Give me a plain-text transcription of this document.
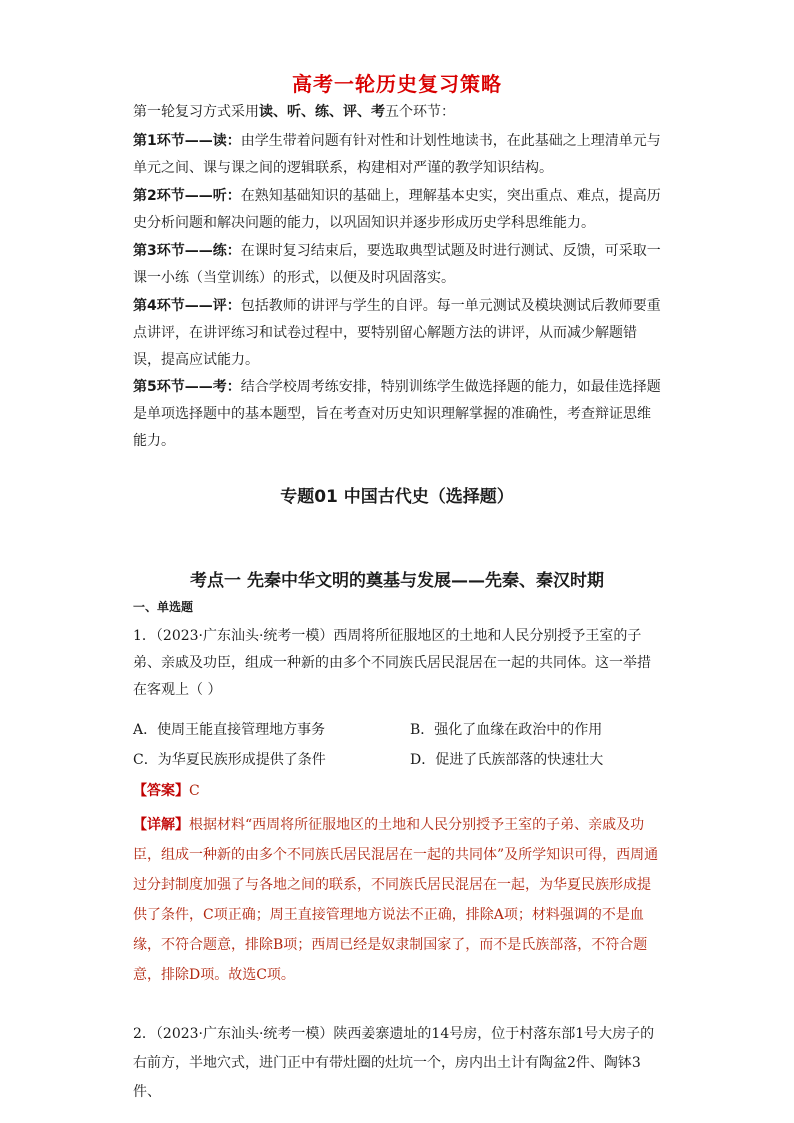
高考一轮历史复习策略
第一轮复习方式采用读、听、练、评、考五个环节：
第1环节——读：由学生带着问题有针对性和计划性地读书，在此基础之上理清单元与单元之间、课与课之间的逻辑联系，构建相对严谨的教学知识结构。
第2环节——听：在熟知基础知识的基础上，理解基本史实，突出重点、难点，提高历史分析问题和解决问题的能力，以巩固知识并逐步形成历史学科思维能力。
第3环节——练：在课时复习结束后，要选取典型试题及时进行测试、反馈，可采取一课一小练（当堂训练）的形式，以便及时巩固落实。
第4环节——评：包括教师的讲评与学生的自评。每一单元测试及模块测试后教师要重点讲评，在讲评练习和试卷过程中，要特别留心解题方法的讲评，从而减少解题错误，提高应试能力。
第5环节——考：结合学校周考练安排，特别训练学生做选择题的能力，如最佳选择题是单项选择题中的基本题型，旨在考查对历史知识理解掌握的准确性，考查辩证思维能力。
专题01 中国古代史（选择题）
考点一 先秦中华文明的奠基与发展——先秦、秦汉时期
一、单选题
1．（2023·广东汕头·统考一模）西周将所征服地区的土地和人民分别授予王室的子弟、亲戚及功臣，组成一种新的由多个不同族氏居民混居在一起的共同体。这一举措在客观上（ ）
A．使周王能直接管理地方事务	B．强化了血缘在政治中的作用
C．为华夏民族形成提供了条件	D．促进了氏族部落的快速壮大
【答案】C
【详解】根据材料“西周将所征服地区的土地和人民分别授予王室的子弟、亲戚及功臣，组成一种新的由多个不同族氏居民混居在一起的共同体”及所学知识可得，西周通过分封制度加强了与各地之间的联系，不同族氏居民混居在一起，为华夏民族形成提供了条件，C项正确；周王直接管理地方说法不正确，排除A项；材料强调的不是血缘，不符合题意，排除B项；西周已经是奴隶制国家了，而不是氏族部落，不符合题意，排除D项。故选C项。
2．（2023·广东汕头·统考一模）陕西姜寨遗址的14号房，位于村落东部1号大房子的右前方，半地穴式，进门正中有带灶圈的灶坑一个，房内出土计有陶盆2件、陶钵3件、
